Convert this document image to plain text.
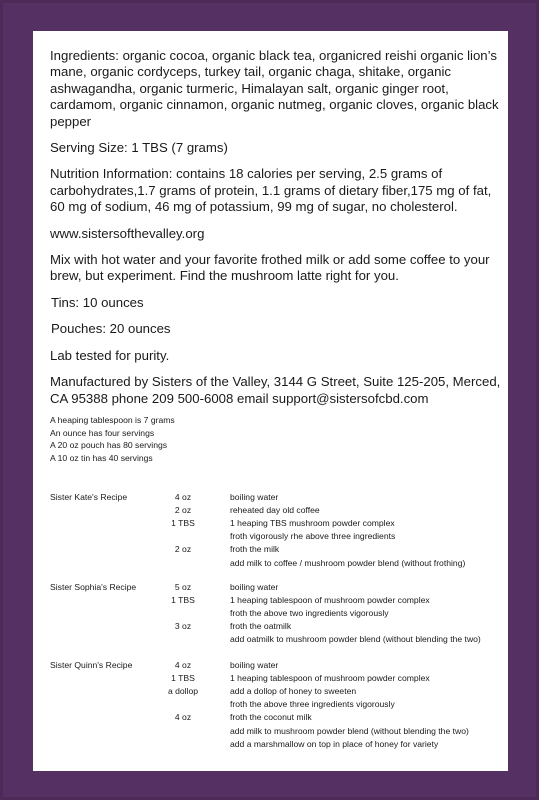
Ingredients: organic cocoa, organic black tea, organicred reishi organic lion’s mane, organic cordyceps, turkey tail, organic chaga, shitake, organic ashwagandha, organic turmeric, Himalayan salt, organic ginger root, cardamom, organic cinnamon, organic nutmeg, organic cloves, organic black pepper

Serving Size: 1 TBS (7 grams)

Nutrition Information: contains 18 calories per serving, 2.5 grams of carbohydrates,1.7 grams of protein, 1.1 grams of dietary fiber,175 mg of fat, 60 mg of sodium, 46 mg of potassium, 99 mg of sugar, no cholesterol.

www.sistersofthevalley.org

Mix with hot water and your favorite frothed milk or add some coffee to your brew, but experiment. Find the mushroom latte right for you.

Tins: 10 ounces

Pouches: 20 ounces

Lab tested for purity.

Manufactured by Sisters of the Valley, 3144 G Street, Suite 125-205, Merced, CA 95388 phone 209 500-6008 email support@sistersofcbd.com

A heaping tablespoon is 7 grams
An ounce has four servings
A 20 oz pouch has 80 servings
A 10 oz tin has 40 servings
Sister Kate's Recipe	4 oz	boiling water
2 oz	reheated day old coffee
1 TBS	1 heaping TBS mushroom powder complex
froth vigorously rhe above three ingredients
2 oz	froth the milk
add milk to coffee / mushroom powder blend (without frothing)
Sister Sophia's Recipe	5 oz	boiling water
1 TBS	1 heaping tablespoon of mushroom powder complex
froth the above two ingredients vigorously
3 oz	froth the oatmilk
add oatmilk to mushroom powder blend (without blending the two)
Sister Quinn's Recipe	4 oz	boiling water
1 TBS	1 heaping tablespoon of mushroom powder complex
a dollop	add a dollop of honey to sweeten
froth the above three ingredients vigorously
4 oz	froth the coconut milk
add milk to mushroom powder blend (without blending the two)
add a marshmallow on top in place of honey for variety
